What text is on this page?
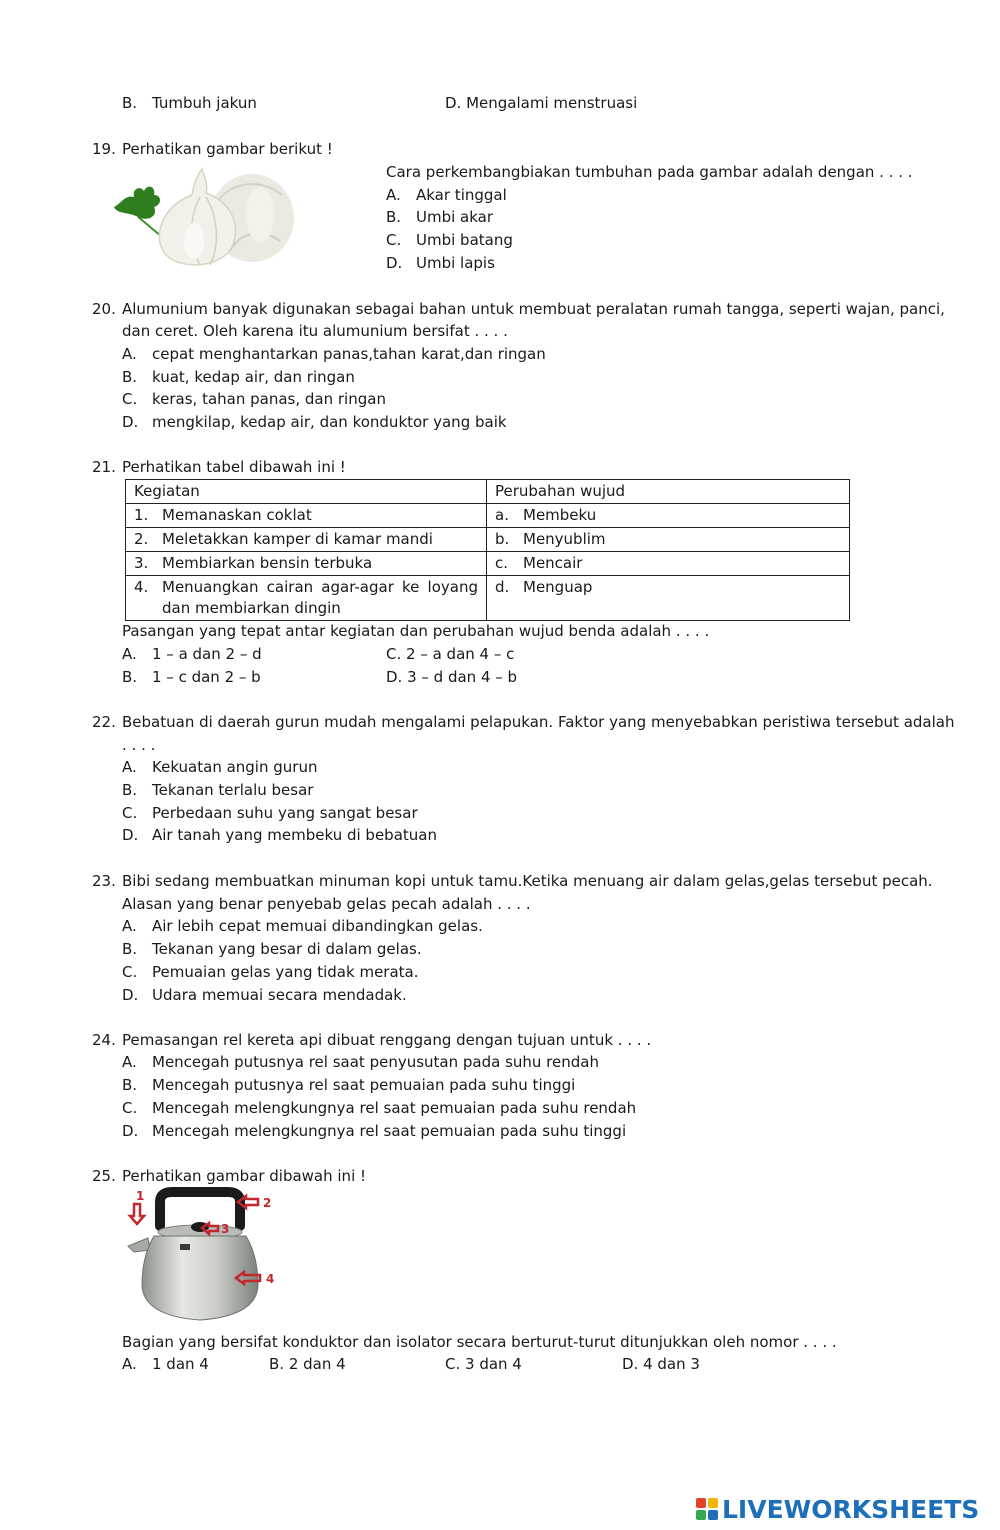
B. Tumbuh jakun	D. Mengalami menstruasi
19. Perhatikan gambar berikut !
Cara perkembangbiakan tumbuhan pada gambar adalah dengan . . . .
A. Akar tinggal
B. Umbi akar
C. Umbi batang
D. Umbi lapis
20. Alumunium banyak digunakan sebagai bahan untuk membuat peralatan rumah tangga, seperti wajan, panci,
dan ceret. Oleh karena itu alumunium bersifat . . . .
A. cepat menghantarkan panas,tahan karat,dan ringan
B. kuat, kedap air, dan ringan
C. keras, tahan panas, dan ringan
D. mengkilap, kedap air, dan konduktor yang baik
21. Perhatikan tabel dibawah ini !
Kegiatan	Perubahan wujud
1. Memanaskan coklat	a. Membeku
2. Meletakkan kamper di kamar mandi	b. Menyublim
3. Membiarkan bensin terbuka	c. Mencair

4. Menuangkan cairan agar-agar ke loyang
dan membiarkan dingin	d. Menguap
Pasangan yang tepat antar kegiatan dan perubahan wujud benda adalah . . . .
A. 1 – a dan 2 – d	C. 2 – a dan 4 – c
B. 1 – c dan 2 – b	D. 3 – d dan 4 – b
22. Bebatuan di daerah gurun mudah mengalami pelapukan. Faktor yang menyebabkan peristiwa tersebut adalah
. . . .
A. Kekuatan angin gurun
B. Tekanan terlalu besar
C. Perbedaan suhu yang sangat besar
D. Air tanah yang membeku di bebatuan
23. Bibi sedang membuatkan minuman kopi untuk tamu.Ketika menuang air dalam gelas,gelas tersebut pecah.
Alasan yang benar penyebab gelas pecah adalah . . . .
A. Air lebih cepat memuai dibandingkan gelas.
B. Tekanan yang besar di dalam gelas.
C. Pemuaian gelas yang tidak merata.
D. Udara memuai secara mendadak.
24. Pemasangan rel kereta api dibuat renggang dengan tujuan untuk . . . .
A. Mencegah putusnya rel saat penyusutan pada suhu rendah
B. Mencegah putusnya rel saat pemuaian pada suhu tinggi
C. Mencegah melengkungnya rel saat pemuaian pada suhu rendah
D. Mencegah melengkungnya rel saat pemuaian pada suhu tinggi
25. Perhatikan gambar dibawah ini !
1	2
3
4
Bagian yang bersifat konduktor dan isolator secara berturut-turut ditunjukkan oleh nomor . . . .
A. 1 dan 4	B. 2 dan 4	C. 3 dan 4	D. 4 dan 3
LIVEWORKSHEETS
